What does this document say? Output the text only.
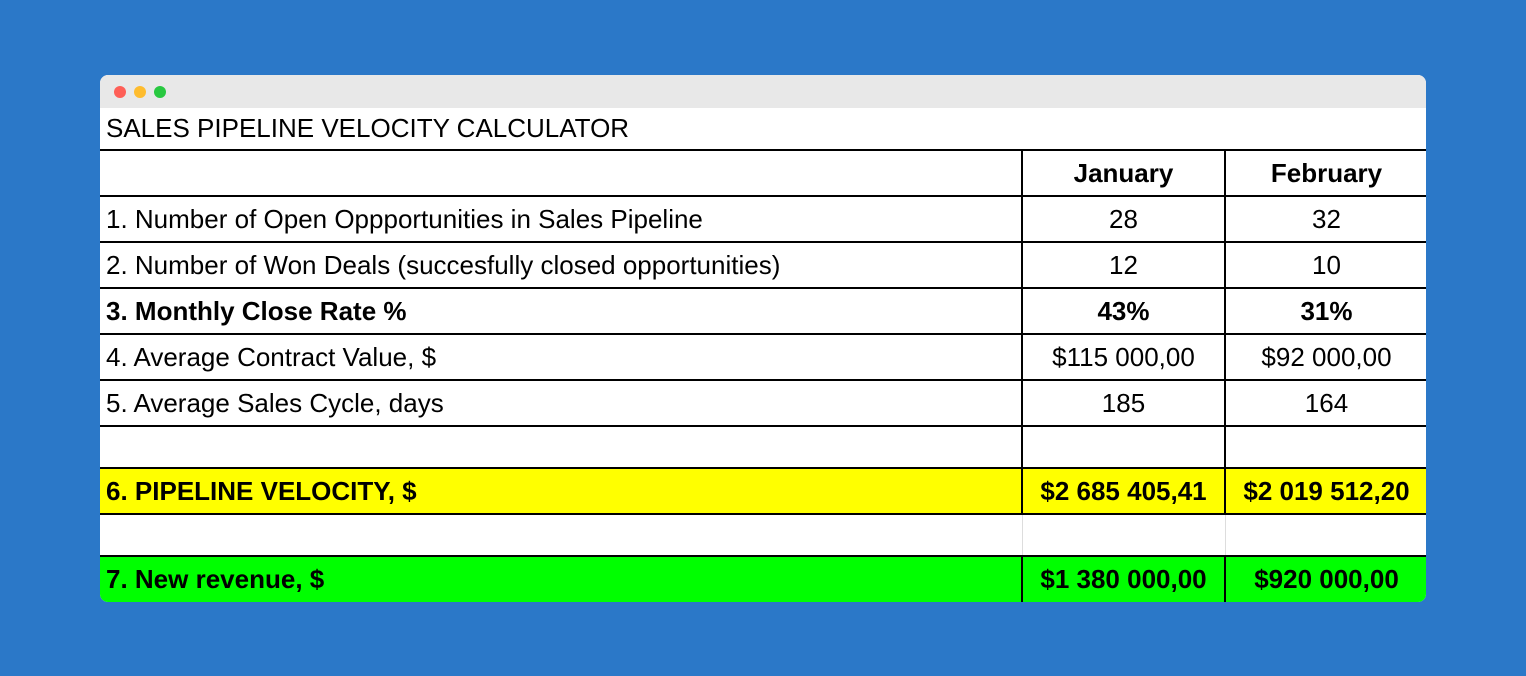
SALES PIPELINE VELOCITY CALCULATOR
	January	February
1. Number of Open Oppportunities in Sales Pipeline	28	32
2. Number of Won Deals (succesfully closed opportunities)	12	10
3. Monthly Close Rate %	43%	31%
4. Average Contract Value, $	$115 000,00	$92 000,00
5. Average Sales Cycle, days	185	164

6. PIPELINE VELOCITY, $	$2 685 405,41	$2 019 512,20

7. New revenue, $	$1 380 000,00	$920 000,00
